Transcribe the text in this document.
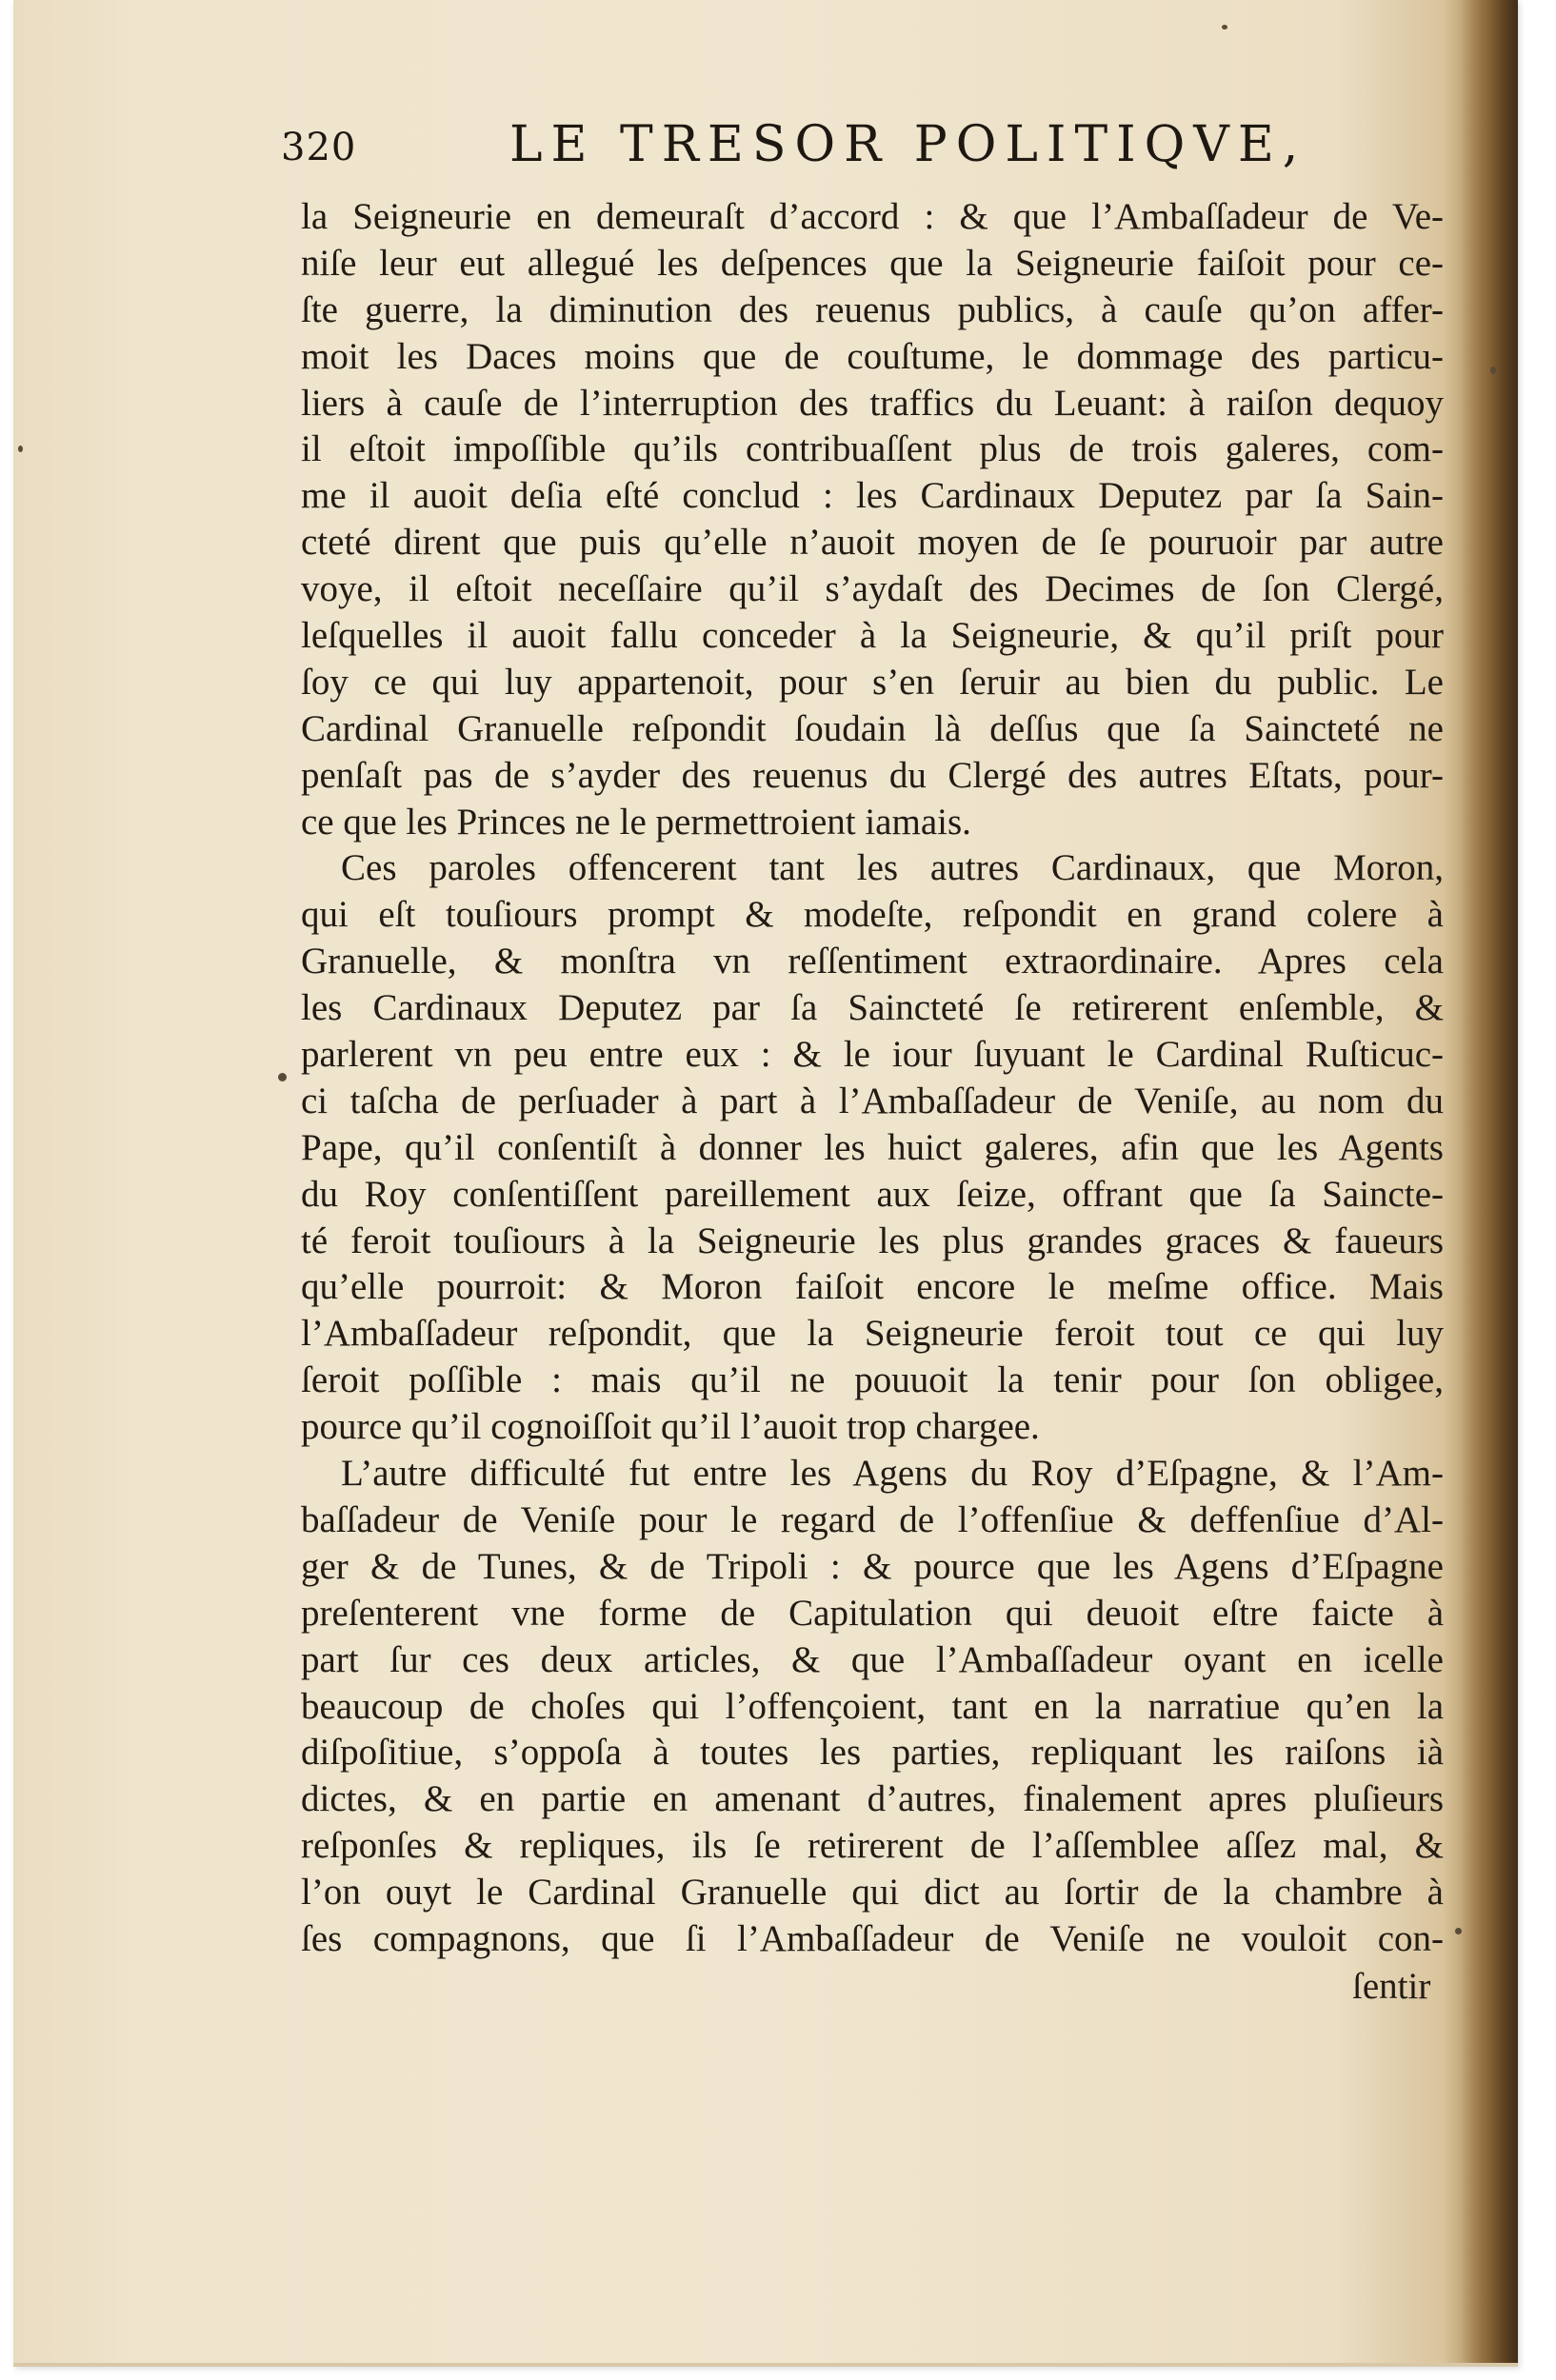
320	LE TRESOR POLITIQVE,
la Seigneurie en demeuraſt d’accord : & que l’Ambaſſadeur de Ve-
niſe leur eut allegué les deſpences que la Seigneurie faiſoit pour ce-
ſte guerre, la diminution des reuenus publics, à cauſe qu’on affer-
moit les Daces moins que de couſtume, le dommage des particu-
liers à cauſe de l’interruption des traffics du Leuant: à raiſon dequoy
il eſtoit impoſſible qu’ils contribuaſſent plus de trois galeres, com-
me il auoit deſia eſté conclud : les Cardinaux Deputez par ſa Sain-
cteté dirent que puis qu’elle n’auoit moyen de ſe pouruoir par autre
voye, il eſtoit neceſſaire qu’il s’aydaſt des Decimes de ſon Clergé,
leſquelles il auoit fallu conceder à la Seigneurie, & qu’il priſt pour
ſoy ce qui luy appartenoit, pour s’en ſeruir au bien du public. Le
Cardinal Granuelle reſpondit ſoudain là deſſus que ſa Saincteté ne
penſaſt pas de s’ayder des reuenus du Clergé des autres Eſtats, pour-
ce que les Princes ne le permettroient iamais.
Ces paroles offencerent tant les autres Cardinaux, que Moron,
qui eſt touſiours prompt & modeſte, reſpondit en grand colere à
Granuelle, & monſtra vn reſſentiment extraordinaire. Apres cela
les Cardinaux Deputez par ſa Saincteté ſe retirerent enſemble, &
parlerent vn peu entre eux : & le iour ſuyuant le Cardinal Ruſticuc-
ci taſcha de perſuader à part à l’Ambaſſadeur de Veniſe, au nom du
Pape, qu’il conſentiſt à donner les huict galeres, afin que les Agents
du Roy conſentiſſent pareillement aux ſeize, offrant que ſa Saincte-
té feroit touſiours à la Seigneurie les plus grandes graces & faueurs
qu’elle pourroit: & Moron faiſoit encore le meſme office. Mais
l’Ambaſſadeur reſpondit, que la Seigneurie feroit tout ce qui luy
ſeroit poſſible : mais qu’il ne pouuoit la tenir pour ſon obligee,
pource qu’il cognoiſſoit qu’il l’auoit trop chargee.
L’autre difficulté fut entre les Agens du Roy d’Eſpagne, & l’Am-
baſſadeur de Veniſe pour le regard de l’offenſiue & deffenſiue d’Al-
ger & de Tunes, & de Tripoli : & pource que les Agens d’Eſpagne
preſenterent vne forme de Capitulation qui deuoit eſtre faicte à
part ſur ces deux articles, & que l’Ambaſſadeur oyant en icelle
beaucoup de choſes qui l’offençoient, tant en la narratiue qu’en la
diſpoſitiue, s’oppoſa à toutes les parties, repliquant les raiſons ià
dictes, & en partie en amenant d’autres, finalement apres pluſieurs
reſponſes & repliques, ils ſe retirerent de l’aſſemblee aſſez mal, &
l’on ouyt le Cardinal Granuelle qui dict au ſortir de la chambre à
ſes compagnons, que ſi l’Ambaſſadeur de Veniſe ne vouloit con-
ſentir
